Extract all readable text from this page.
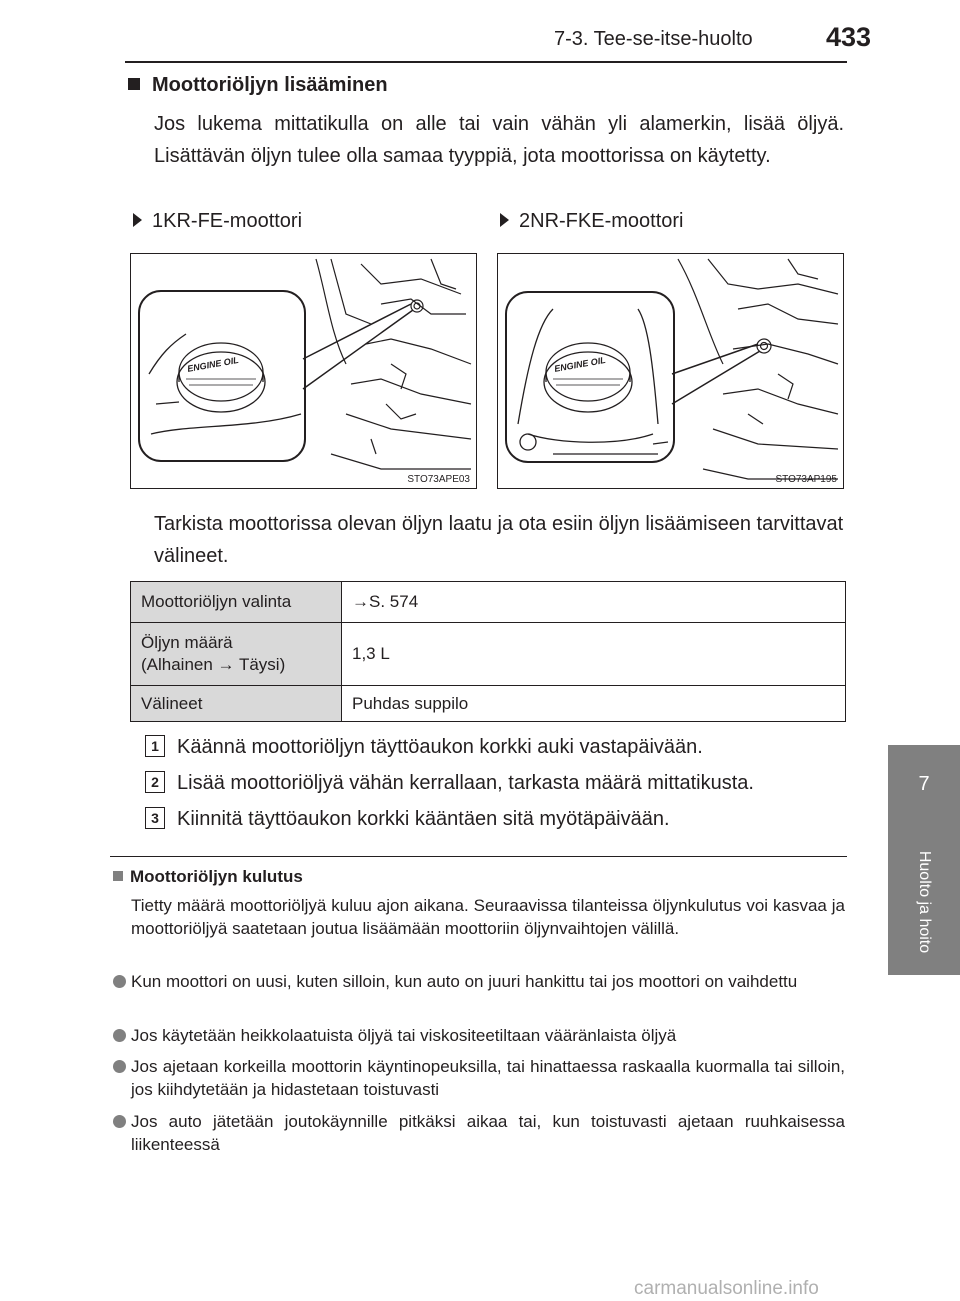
7-3. Tee-se-itse-huolto	433
7
Huolto ja hoito
Moottoriöljyn lisääminen
Jos lukema mittatikulla on alle tai vain vähän yli alamerkin, lisää öljyä. Lisättävän öljyn tulee olla samaa tyyppiä, jota moottorissa on käytetty.
1KR-FE-moottori	2NR-FKE-moottori
ENGINE OIL
STO73APE03
ENGINE OIL
STO73AP195
Tarkista moottorissa olevan öljyn laatu ja ota esiin öljyn lisäämiseen tarvittavat välineet.
Moottoriöljyn valinta	→S. 574
Öljyn määrä
(Alhainen → Täysi)	1,3 L
Välineet	Puhdas suppilo
1 Käännä moottoriöljyn täyttöaukon korkki auki vastapäivään.
2 Lisää moottoriöljyä vähän kerrallaan, tarkasta määrä mittatikusta.
3 Kiinnitä täyttöaukon korkki kääntäen sitä myötäpäivään.
Moottoriöljyn kulutus
Tietty määrä moottoriöljyä kuluu ajon aikana. Seuraavissa tilanteissa öljynkulutus voi kasvaa ja moottoriöljyä saatetaan joutua lisäämään moottoriin öljynvaihtojen välillä.
Kun moottori on uusi, kuten silloin, kun auto on juuri hankittu tai jos moottori on vaihdettu
Jos käytetään heikkolaatuista öljyä tai viskositeetiltaan vääränlaista öljyä
Jos ajetaan korkeilla moottorin käyntinopeuksilla, tai hinattaessa raskaalla kuormalla tai silloin, jos kiihdytetään ja hidastetaan toistuvasti
Jos auto jätetään joutokäynnille pitkäksi aikaa tai, kun toistuvasti ajetaan ruuhkaisessa liikenteessä
carmanualsonline.info
